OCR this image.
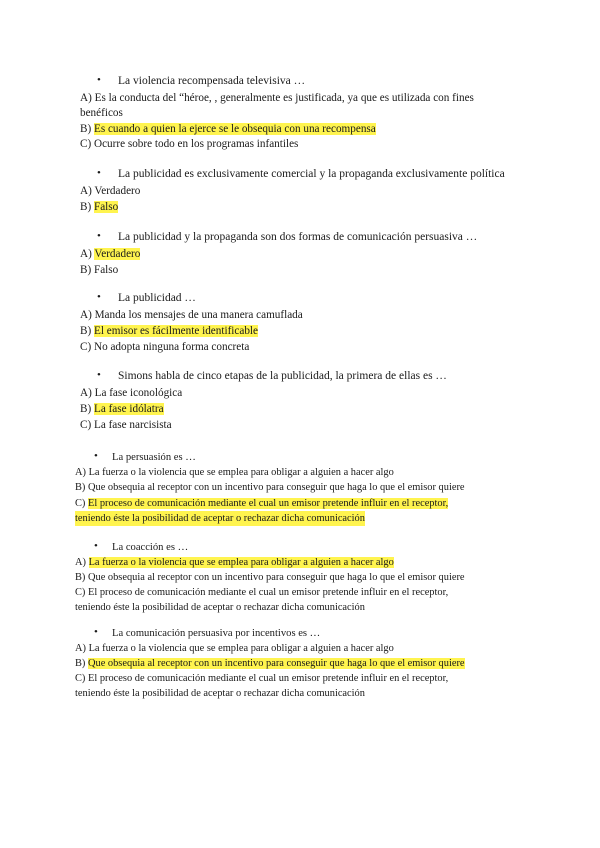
• La violencia recompensada televisiva …
A) Es la conducta del “héroe, , generalmente es justificada, ya que es utilizada con fines
benéficos
B) Es cuando a quien la ejerce se le obsequia con una recompensa
C) Ocurre sobre todo en los programas infantiles
• La publicidad es exclusivamente comercial y la propaganda exclusivamente política
A) Verdadero
B) Falso
• La publicidad y la propaganda son dos formas de comunicación persuasiva …
A) Verdadero
B) Falso
• La publicidad …
A) Manda los mensajes de una manera camuflada
B) El emisor es fácilmente identificable
C) No adopta ninguna forma concreta
• Simons habla de cinco etapas de la publicidad, la primera de ellas es …
A) La fase iconológica
B) La fase idólatra
C) La fase narcisista
• La persuasión es …
A) La fuerza o la violencia que se emplea para obligar a alguien a hacer algo
B) Que obsequia al receptor con un incentivo para conseguir que haga lo que el emisor quiere
C) El proceso de comunicación mediante el cual un emisor pretende influir en el receptor,
teniendo éste la posibilidad de aceptar o rechazar dicha comunicación
• La coacción es …
A) La fuerza o la violencia que se emplea para obligar a alguien a hacer algo
B) Que obsequia al receptor con un incentivo para conseguir que haga lo que el emisor quiere
C) El proceso de comunicación mediante el cual un emisor pretende influir en el receptor,
teniendo éste la posibilidad de aceptar o rechazar dicha comunicación
• La comunicación persuasiva por incentivos es …
A) La fuerza o la violencia que se emplea para obligar a alguien a hacer algo
B) Que obsequia al receptor con un incentivo para conseguir que haga lo que el emisor quiere
C) El proceso de comunicación mediante el cual un emisor pretende influir en el receptor,
teniendo éste la posibilidad de aceptar o rechazar dicha comunicación
